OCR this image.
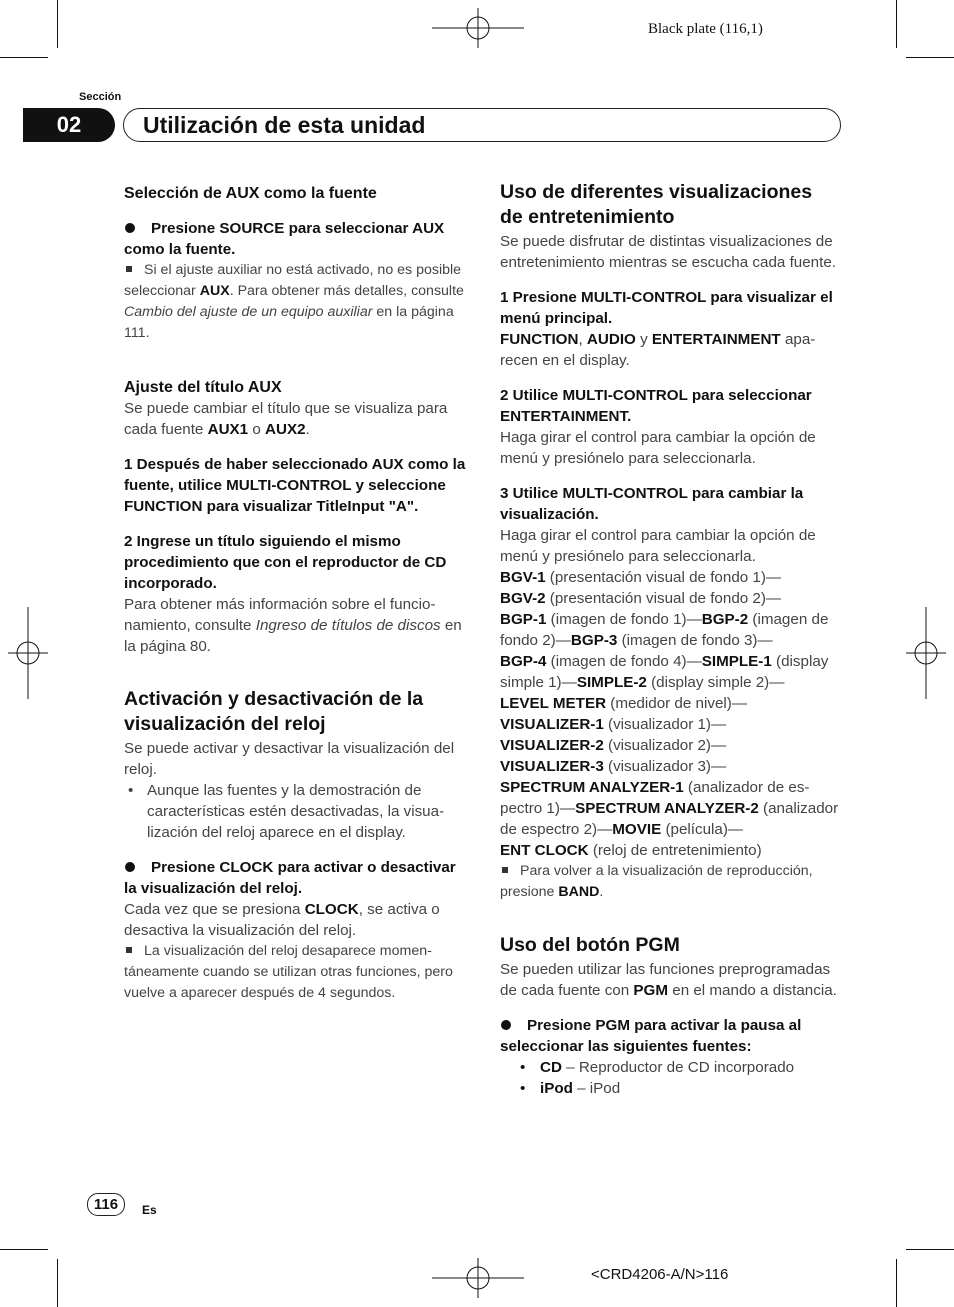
Black plate (116,1)
Sección
02	Utilización de esta unidad
Selección de AUX como la fuente
Presione SOURCE para seleccionar AUX como la fuente.
Si el ajuste auxiliar no está activado, no es posible seleccionar AUX. Para obtener más detalles, consulte Cambio del ajuste de un equipo auxiliar en la página 111.
Ajuste del título AUX
Se puede cambiar el título que se visualiza para cada fuente AUX1 o AUX2.
1 Después de haber seleccionado AUX como la fuente, utilice MULTI-CONTROL y seleccione FUNCTION para visualizar TitleInput "A".
2 Ingrese un título siguiendo el mismo procedimiento que con el reproductor de CD incorporado.
Para obtener más información sobre el funcionamiento, consulte Ingreso de títulos de discos en la página 80.
Activación y desactivación de la visualización del reloj
Se puede activar y desactivar la visualización del reloj.
• Aunque las fuentes y la demostración de características estén desactivadas, la visualización del reloj aparece en el display.
Presione CLOCK para activar o desactivar la visualización del reloj.
Cada vez que se presiona CLOCK, se activa o desactiva la visualización del reloj.
La visualización del reloj desaparece momentáneamente cuando se utilizan otras funciones, pero vuelve a aparecer después de 4 segundos.
Uso de diferentes visualizaciones de entretenimiento
Se puede disfrutar de distintas visualizaciones de entretenimiento mientras se escucha cada fuente.
1 Presione MULTI-CONTROL para visualizar el menú principal.
FUNCTION, AUDIO y ENTERTAINMENT aparecen en el display.
2 Utilice MULTI-CONTROL para seleccionar ENTERTAINMENT.
Haga girar el control para cambiar la opción de menú y presiónelo para seleccionarla.
3 Utilice MULTI-CONTROL para cambiar la visualización.
Haga girar el control para cambiar la opción de menú y presiónelo para seleccionarla.
BGV-1 (presentación visual de fondo 1)—
BGV-2 (presentación visual de fondo 2)—
BGP-1 (imagen de fondo 1)—BGP-2 (imagen de fondo 2)—BGP-3 (imagen de fondo 3)—
BGP-4 (imagen de fondo 4)—SIMPLE-1 (display simple 1)—SIMPLE-2 (display simple 2)—
LEVEL METER (medidor de nivel)—
VISUALIZER-1 (visualizador 1)—
VISUALIZER-2 (visualizador 2)—
VISUALIZER-3 (visualizador 3)—
SPECTRUM ANALYZER-1 (analizador de espectro 1)—SPECTRUM ANALYZER-2 (analizador de espectro 2)—MOVIE (película)—
ENT CLOCK (reloj de entretenimiento)
Para volver a la visualización de reproducción, presione BAND.
Uso del botón PGM
Se pueden utilizar las funciones preprogramadas de cada fuente con PGM en el mando a distancia.
Presione PGM para activar la pausa al seleccionar las siguientes fuentes:
• CD – Reproductor de CD incorporado
• iPod – iPod
116	Es
<CRD4206-A/N>116
